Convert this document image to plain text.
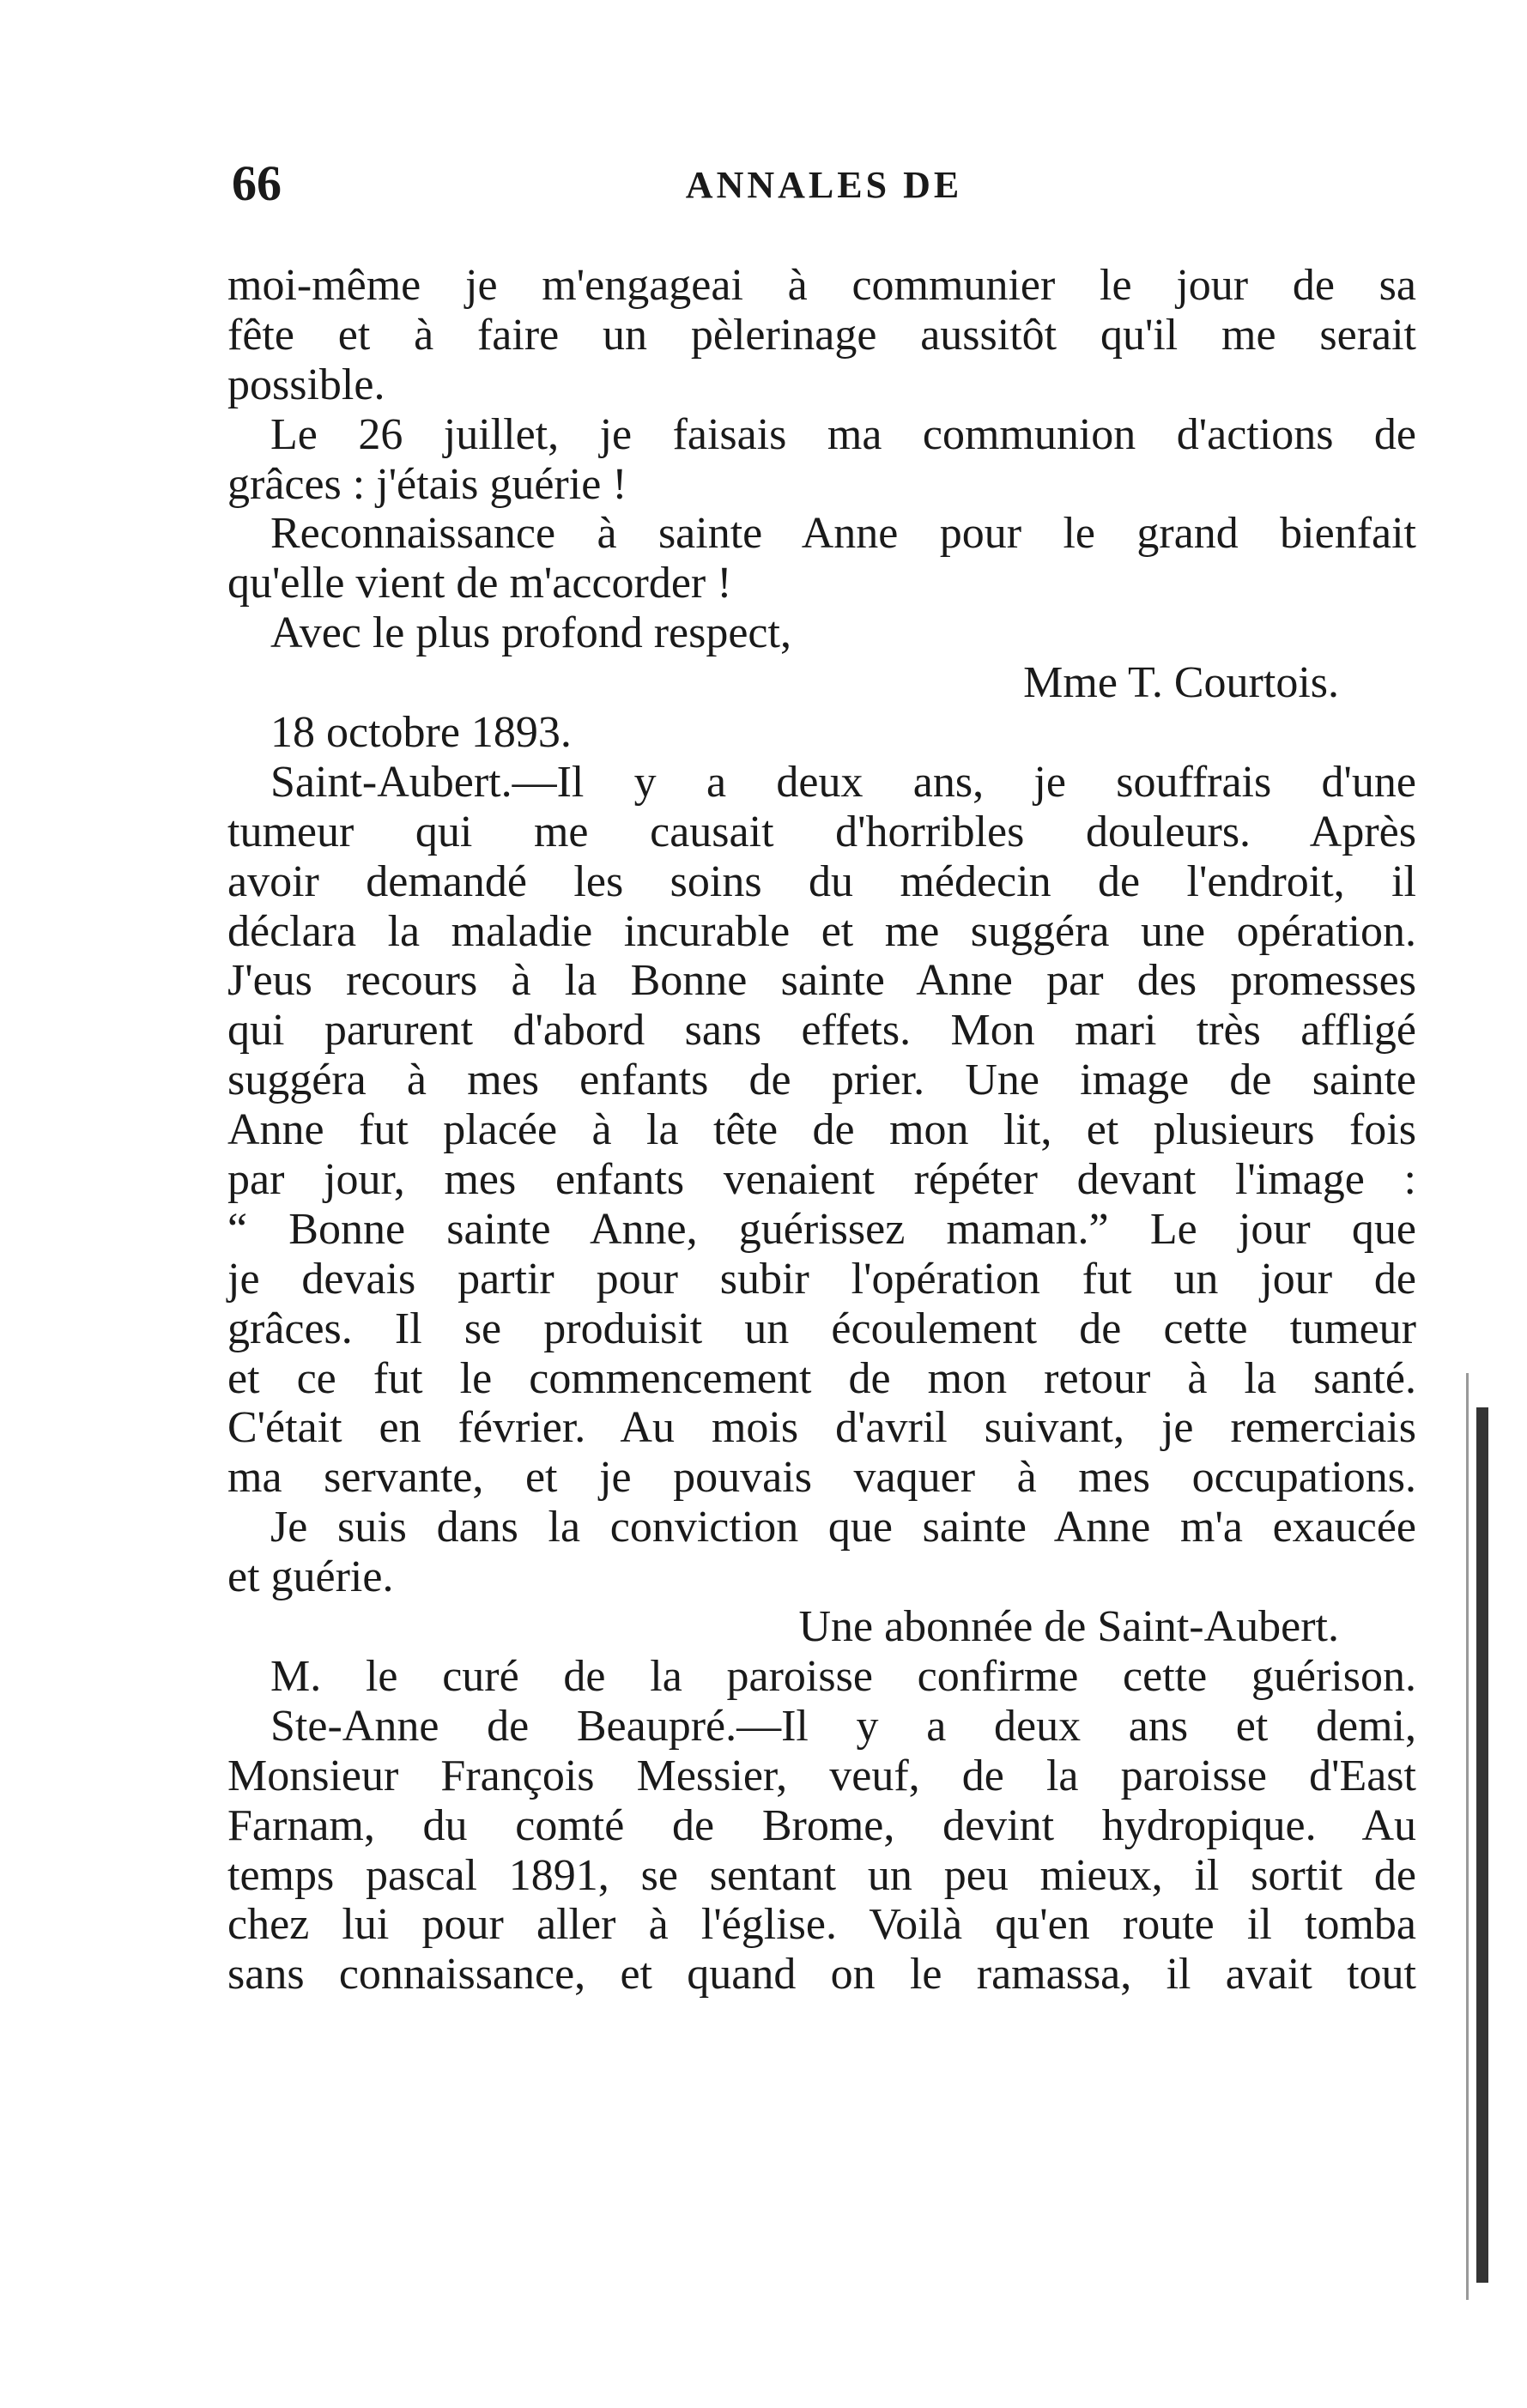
66	ANNALES DE
moi-même je m'engageai à communier le jour de sa
fête et à faire un pèlerinage aussitôt qu'il me serait
possible.
Le 26 juillet, je faisais ma communion d'actions de
grâces : j'étais guérie !
Reconnaissance à sainte Anne pour le grand bienfait
qu'elle vient de m'accorder !
Avec le plus profond respect,
Mme T. Courtois.
18 octobre 1893.
Saint-Aubert.—Il y a deux ans, je souffrais d'une
tumeur qui me causait d'horribles douleurs. Après
avoir demandé les soins du médecin de l'endroit, il
déclara la maladie incurable et me suggéra une opération.
J'eus recours à la Bonne sainte Anne par des promesses
qui parurent d'abord sans effets. Mon mari très affligé
suggéra à mes enfants de prier. Une image de sainte
Anne fut placée à la tête de mon lit, et plusieurs fois
par jour, mes enfants venaient répéter devant l'image :
“ Bonne sainte Anne, guérissez maman.” Le jour que
je devais partir pour subir l'opération fut un jour de
grâces. Il se produisit un écoulement de cette tumeur
et ce fut le commencement de mon retour à la santé.
C'était en février. Au mois d'avril suivant, je remerciais
ma servante, et je pouvais vaquer à mes occupations.
Je suis dans la conviction que sainte Anne m'a exaucée
et guérie.
Une abonnée de Saint-Aubert.
M. le curé de la paroisse confirme cette guérison.
Ste-Anne de Beaupré.—Il y a deux ans et demi,
Monsieur François Messier, veuf, de la paroisse d'East
Farnam, du comté de Brome, devint hydropique. Au
temps pascal 1891, se sentant un peu mieux, il sortit de
chez lui pour aller à l'église. Voilà qu'en route il tomba
sans connaissance, et quand on le ramassa, il avait tout
